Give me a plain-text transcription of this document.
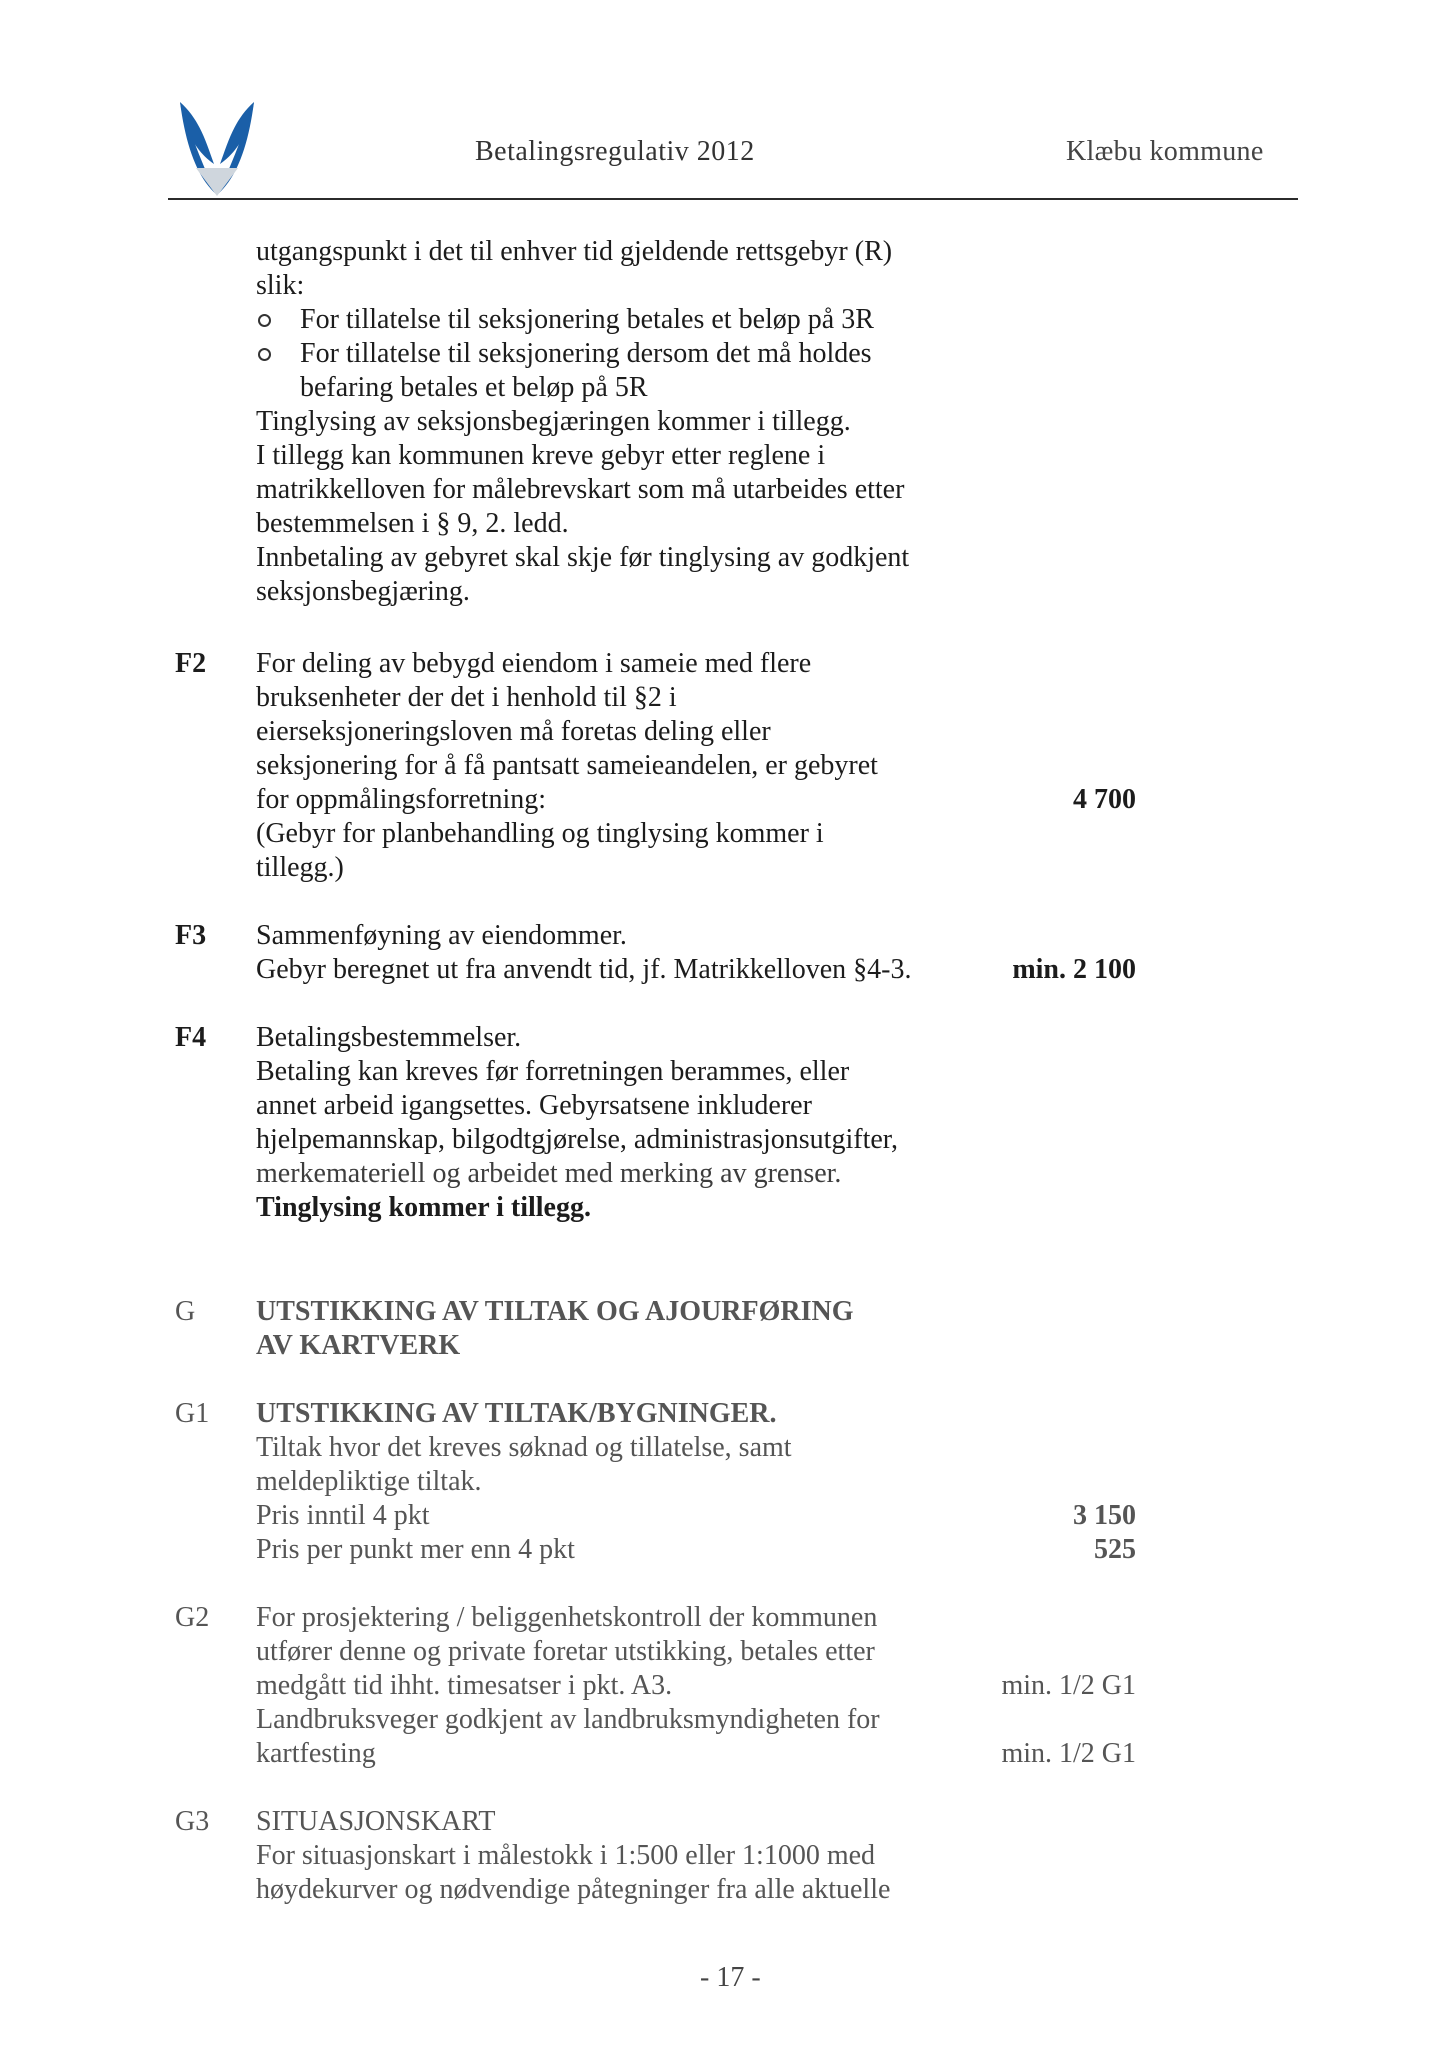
Betalingsregulativ 2012	Klæbu kommune
utgangspunkt i det til enhver tid gjeldende rettsgebyr (R)
slik:
For tillatelse til seksjonering betales et beløp på 3R
For tillatelse til seksjonering dersom det må holdes
befaring betales et beløp på 5R
Tinglysing av seksjonsbegjæringen kommer i tillegg.
I tillegg kan kommunen kreve gebyr etter reglene i
matrikkelloven for målebrevskart som må utarbeides etter
bestemmelsen i § 9, 2. ledd.
Innbetaling av gebyret skal skje før tinglysing av godkjent
seksjonsbegjæring.
F2 For deling av bebygd eiendom i sameie med flere
bruksenheter der det i henhold til §2 i
eierseksjoneringsloven må foretas deling eller
seksjonering for å få pantsatt sameieandelen, er gebyret
for oppmålingsforretning:	4 700
(Gebyr for planbehandling og tinglysing kommer i
tillegg.)
F3 Sammenføyning av eiendommer.
Gebyr beregnet ut fra anvendt tid, jf. Matrikkelloven §4-3.	min. 2 100
F4 Betalingsbestemmelser.
Betaling kan kreves før forretningen berammes, eller
annet arbeid igangsettes. Gebyrsatsene inkluderer
hjelpemannskap, bilgodtgjørelse, administrasjonsutgifter,
merkemateriell og arbeidet med merking av grenser.
Tinglysing kommer i tillegg.
G UTSTIKKING AV TILTAK OG AJOURFØRING
AV KARTVERK
G1 UTSTIKKING AV TILTAK/BYGNINGER.
Tiltak hvor det kreves søknad og tillatelse, samt
meldepliktige tiltak.
Pris inntil 4 pkt	3 150
Pris per punkt mer enn 4 pkt	525
G2 For prosjektering / beliggenhetskontroll der kommunen
utfører denne og private foretar utstikking, betales etter
medgått tid ihht. timesatser i pkt. A3.	min. 1/2 G1
Landbruksveger godkjent av landbruksmyndigheten for
kartfesting	min. 1/2 G1
G3 SITUASJONSKART
For situasjonskart i målestokk i 1:500 eller 1:1000 med
høydekurver og nødvendige påtegninger fra alle aktuelle
- 17 -
